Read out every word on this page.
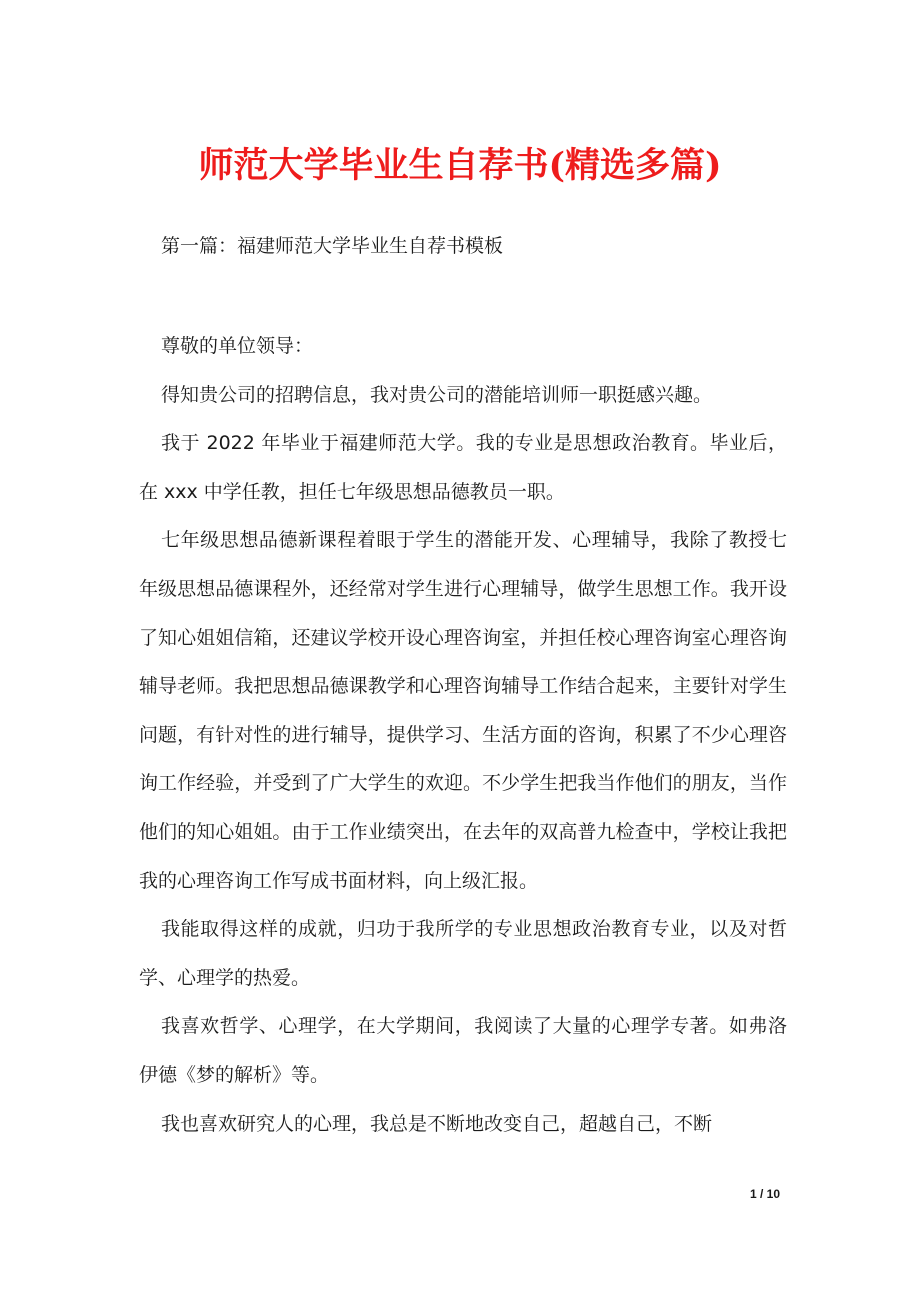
师范大学毕业生自荐书(精选多篇)

第一篇：福建师范大学毕业生自荐书模板

尊敬的单位领导：

得知贵公司的招聘信息，我对贵公司的潜能培训师一职挺感兴趣。

我于 2022 年毕业于福建师范大学。我的专业是思想政治教育。毕业后，在 xxx 中学任教，担任七年级思想品德教员一职。

七年级思想品德新课程着眼于学生的潜能开发、心理辅导，我除了教授七年级思想品德课程外，还经常对学生进行心理辅导，做学生思想工作。我开设了知心姐姐信箱，还建议学校开设心理咨询室，并担任校心理咨询室心理咨询辅导老师。我把思想品德课教学和心理咨询辅导工作结合起来，主要针对学生问题，有针对性的进行辅导，提供学习、生活方面的咨询，积累了不少心理咨询工作经验，并受到了广大学生的欢迎。不少学生把我当作他们的朋友，当作他们的知心姐姐。由于工作业绩突出，在去年的双高普九检查中，学校让我把我的心理咨询工作写成书面材料，向上级汇报。

我能取得这样的成就，归功于我所学的专业思想政治教育专业，以及对哲学、心理学的热爱。

我喜欢哲学、心理学，在大学期间，我阅读了大量的心理学专著。如弗洛伊德《梦的解析》等。

我也喜欢研究人的心理，我总是不断地改变自己，超越自己，不断

1 / 10
